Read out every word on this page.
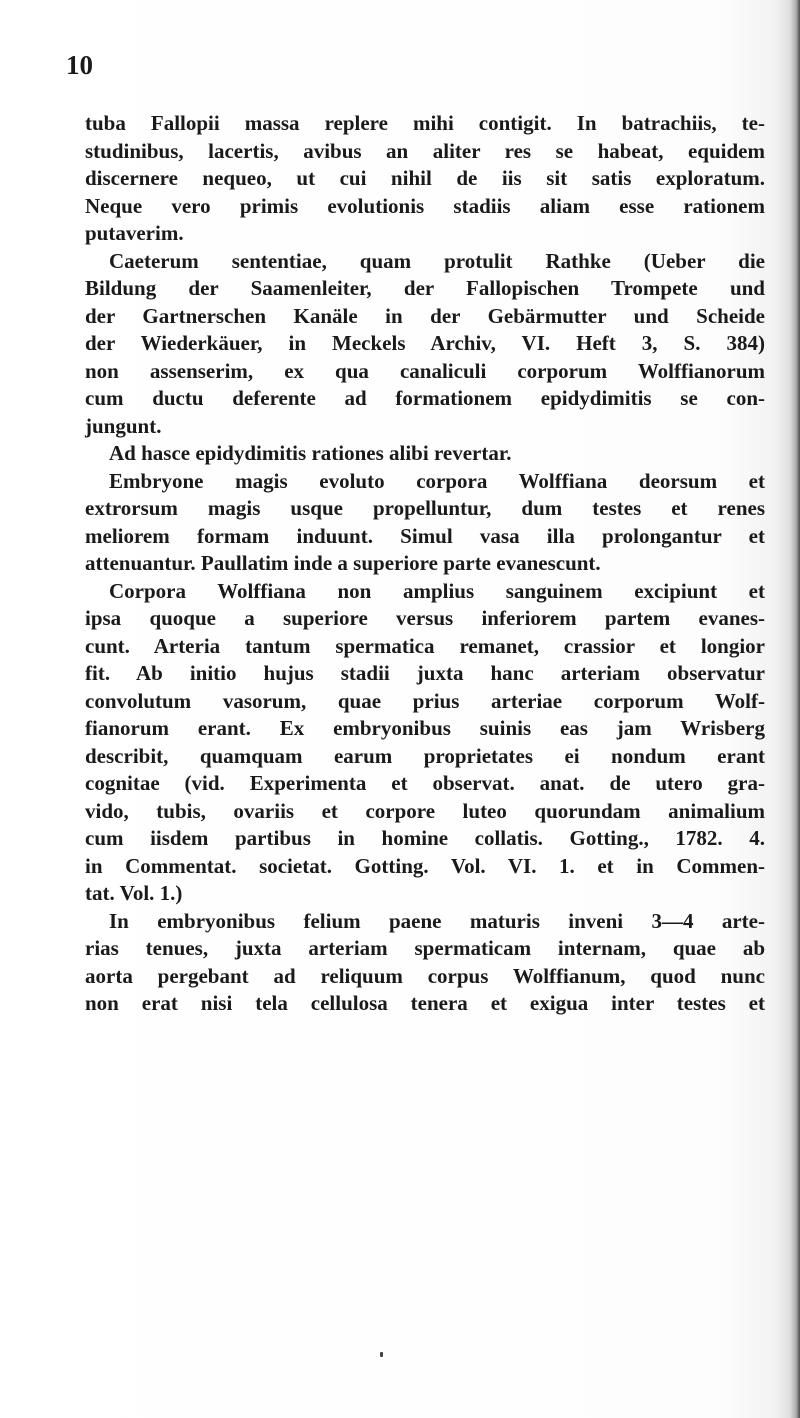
10

tuba Fallopii massa replere mihi contigit. In batrachiis, te-
studinibus, lacertis, avibus an aliter res se habeat, equidem
discernere nequeo, ut cui nihil de iis sit satis exploratum.
Neque vero primis evolutionis stadiis aliam esse rationem
putaverim.

Caeterum sententiae, quam protulit Rathke (Ueber die
Bildung der Saamenleiter, der Fallopischen Trompete und
der Gartnerschen Kanäle in der Gebärmutter und Scheide
der Wiederkäuer, in Meckels Archiv, VI. Heft 3, S. 384)
non assenserim, ex qua canaliculi corporum Wolffianorum
cum ductu deferente ad formationem epidydimitis se con-
jungunt.

Ad hasce epidydimitis rationes alibi revertar.

Embryone magis evoluto corpora Wolffiana deorsum et
extrorsum magis usque propelluntur, dum testes et renes
meliorem formam induunt. Simul vasa illa prolongantur et
attenuantur. Paullatim inde a superiore parte evanescunt.

Corpora Wolffiana non amplius sanguinem excipiunt et
ipsa quoque a superiore versus inferiorem partem evanes-
cunt. Arteria tantum spermatica remanet, crassior et longior
fit. Ab initio hujus stadii juxta hanc arteriam observatur
convolutum vasorum, quae prius arteriae corporum Wolf-
fianorum erant. Ex embryonibus suinis eas jam Wrisberg
describit, quamquam earum proprietates ei nondum erant
cognitae (vid. Experimenta et observat. anat. de utero gra-
vido, tubis, ovariis et corpore luteo quorundam animalium
cum iisdem partibus in homine collatis. Gotting., 1782. 4.
in Commentat. societat. Gotting. Vol. VI. 1. et in Commen-
tat. Vol. 1.)

In embryonibus felium paene maturis inveni 3—4 arte-
rias tenues, juxta arteriam spermaticam internam, quae ab
aorta pergebant ad reliquum corpus Wolffianum, quod nunc
non erat nisi tela cellulosa tenera et exigua inter testes et
